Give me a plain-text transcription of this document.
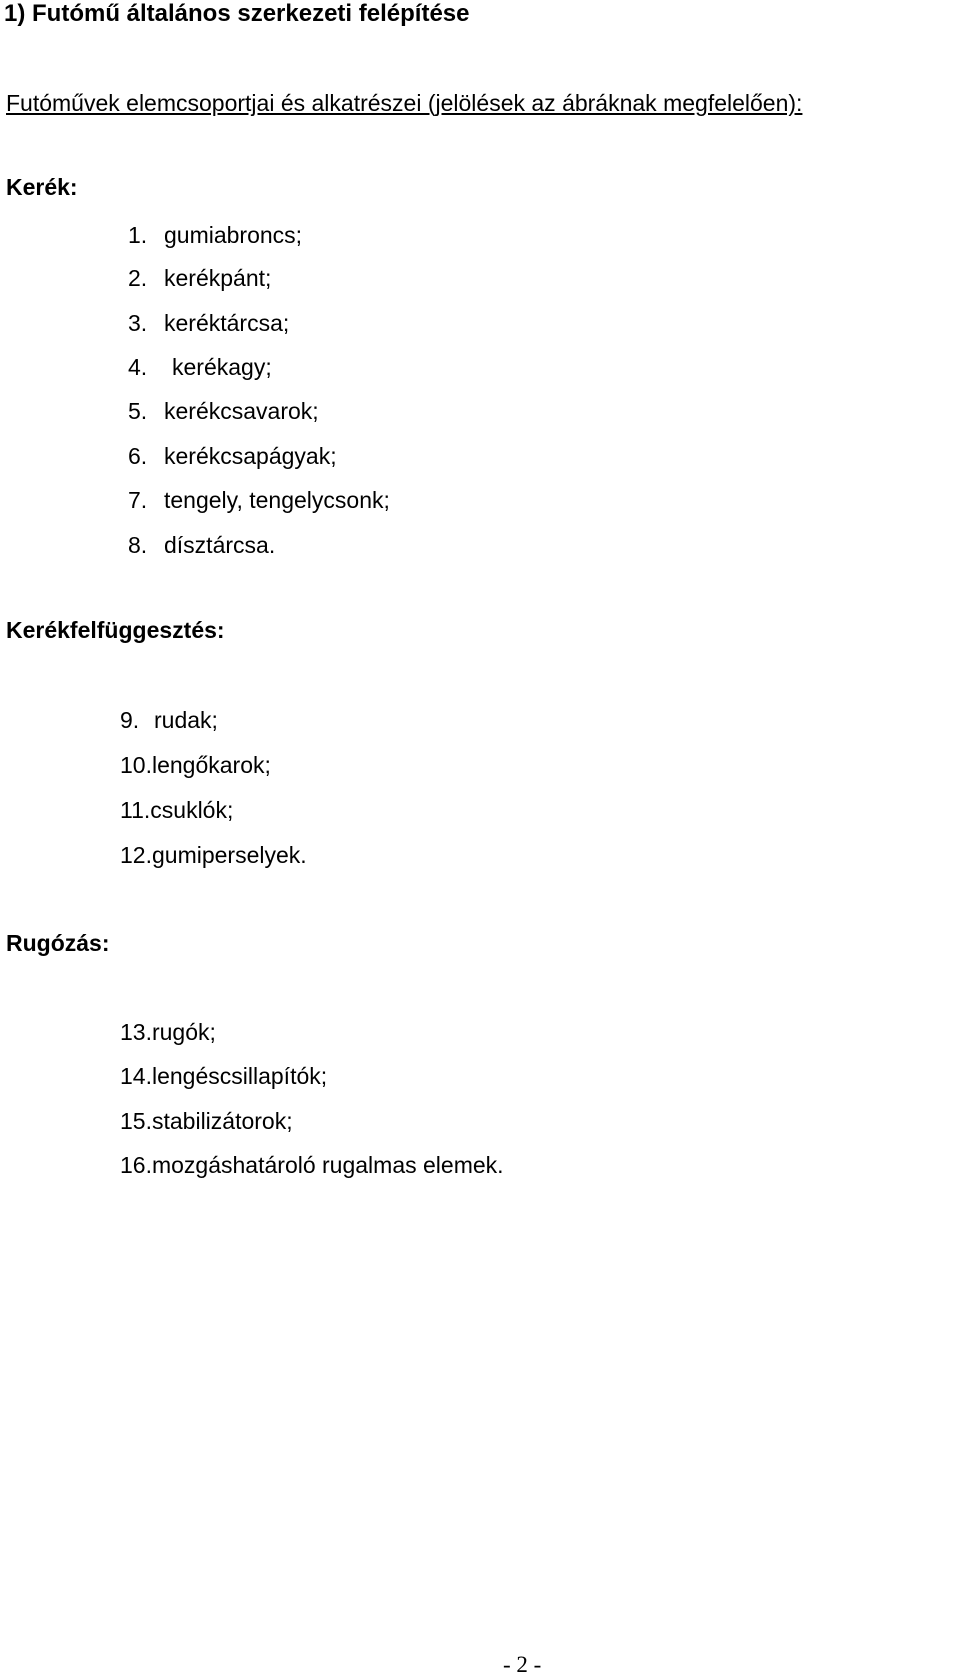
1) Futómű általános szerkezeti felépítése
Futóművek elemcsoportjai és alkatrészei (jelölések az ábráknak megfelelően):
Kerék:
1. gumiabroncs;
2. kerékpánt;
3. keréktárcsa;
4. kerékagy;
5. kerékcsavarok;
6. kerékcsapágyak;
7. tengely, tengelycsonk;
8. dísztárcsa.
Kerékfelfüggesztés:
9. rudak;
10.lengőkarok;
11.csuklók;
12.gumiperselyek.
Rugózás:
13.rugók;
14.lengéscsillapítók;
15.stabilizátorok;
16.mozgáshatároló rugalmas elemek.
- 2 -
